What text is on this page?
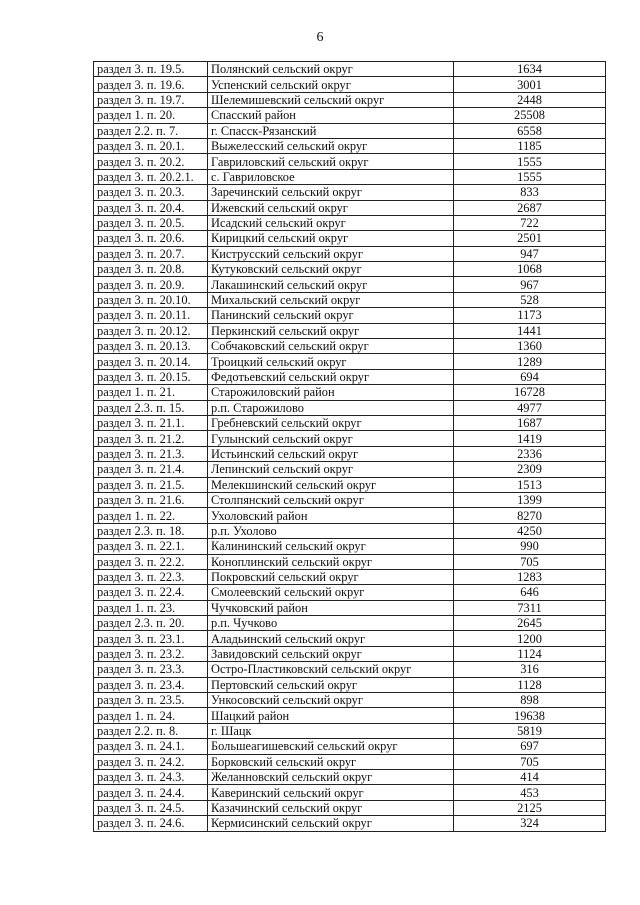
6
раздел 3. п. 19.5.	Полянский сельский округ	1634
раздел 3. п. 19.6.	Успенский сельский округ	3001
раздел 3. п. 19.7.	Шелемишевский сельский округ	2448
раздел 1. п. 20.	Спасский район	25508
раздел 2.2. п. 7.	г. Спасск-Рязанский	6558
раздел 3. п. 20.1.	Выжелесский сельский округ	1185
раздел 3. п. 20.2.	Гавриловский сельский округ	1555
раздел 3. п. 20.2.1.	с. Гавриловское	1555
раздел 3. п. 20.3.	Заречинский сельский округ	833
раздел 3. п. 20.4.	Ижевский сельский округ	2687
раздел 3. п. 20.5.	Исадский сельский округ	722
раздел 3. п. 20.6.	Кирицкий сельский округ	2501
раздел 3. п. 20.7.	Киструсский сельский округ	947
раздел 3. п. 20.8.	Кутуковский сельский округ	1068
раздел 3. п. 20.9.	Лакашинский сельский округ	967
раздел 3. п. 20.10.	Михальский сельский округ	528
раздел 3. п. 20.11.	Панинский сельский округ	1173
раздел 3. п. 20.12.	Перкинский сельский округ	1441
раздел 3. п. 20.13.	Собчаковский сельский округ	1360
раздел 3. п. 20.14.	Троицкий сельский округ	1289
раздел 3. п. 20.15.	Федотьевский сельский округ	694
раздел 1. п. 21.	Старожиловский район	16728
раздел 2.3. п. 15.	р.п. Старожилово	4977
раздел 3. п. 21.1.	Гребневский сельский округ	1687
раздел 3. п. 21.2.	Гулынский сельский округ	1419
раздел 3. п. 21.3.	Истьинский сельский округ	2336
раздел 3. п. 21.4.	Лепинский сельский округ	2309
раздел 3. п. 21.5.	Мелекшинский сельский округ	1513
раздел 3. п. 21.6.	Столпянский сельский округ	1399
раздел 1. п. 22.	Ухоловский район	8270
раздел 2.3. п. 18.	р.п. Ухолово	4250
раздел 3. п. 22.1.	Калининский сельский округ	990
раздел 3. п. 22.2.	Коноплинский сельский округ	705
раздел 3. п. 22.3.	Покровский сельский округ	1283
раздел 3. п. 22.4.	Смолеевский сельский округ	646
раздел 1. п. 23.	Чучковский район	7311
раздел 2.3. п. 20.	р.п. Чучково	2645
раздел 3. п. 23.1.	Аладьинский сельский округ	1200
раздел 3. п. 23.2.	Завидовский сельский округ	1124
раздел 3. п. 23.3.	Остро-Пластиковский сельский округ	316
раздел 3. п. 23.4.	Пертовский сельский округ	1128
раздел 3. п. 23.5.	Ункосовский сельский округ	898
раздел 1. п. 24.	Шацкий район	19638
раздел 2.2. п. 8.	г. Шацк	5819
раздел 3. п. 24.1.	Большеагишевский сельский округ	697
раздел 3. п. 24.2.	Борковский сельский округ	705
раздел 3. п. 24.3.	Желанновский сельский округ	414
раздел 3. п. 24.4.	Каверинский сельский округ	453
раздел 3. п. 24.5.	Казачинский сельский округ	2125
раздел 3. п. 24.6.	Кермисинский сельский округ	324
